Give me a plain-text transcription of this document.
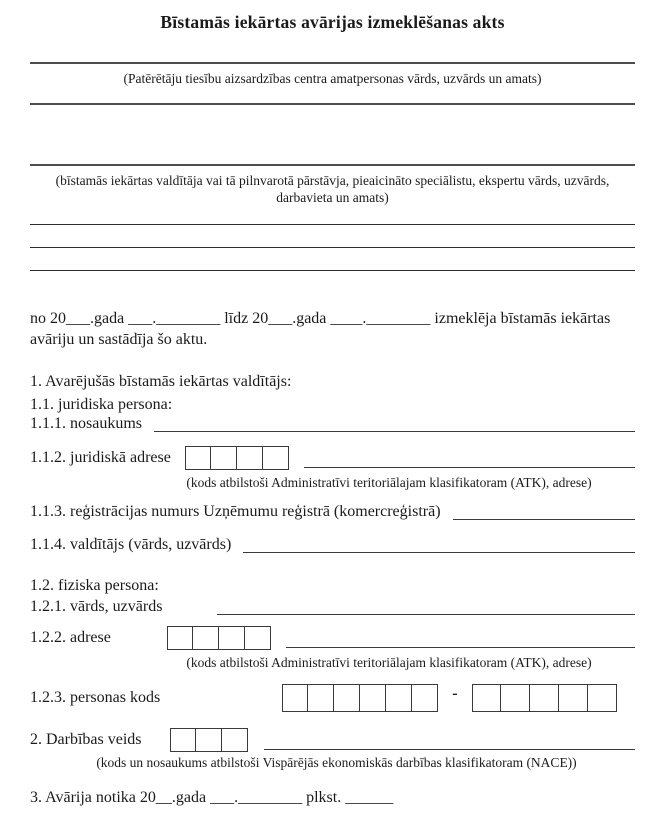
Bīstamās iekārtas avārijas izmeklēšanas akts
(Patērētāju tiesību aizsardzības centra amatpersonas vārds, uzvārds un amats)
(bīstamās iekārtas valdītāja vai tā pilnvarotā pārstāvja, pieaicināto speciālistu, ekspertu vārds, uzvārds, darbavieta un amats)
no 20___.gada ___.________ līdz 20___.gada ____.________ izmeklēja bīstamās iekārtas avāriju un sastādīja šo aktu.
1. Avarējušās bīstamās iekārtas valdītājs:
1.1. juridiska persona:
1.1.1. nosaukums
1.1.2. juridiskā adrese
(kods atbilstoši Administratīvi teritoriālajam klasifikatoram (ATK), adrese)
1.1.3. reģistrācijas numurs Uzņēmumu reģistrā (komercreģistrā)
1.1.4. valdītājs (vārds, uzvārds)
1.2. fiziska persona:
1.2.1. vārds, uzvārds
1.2.2. adrese
(kods atbilstoši Administratīvi teritoriālajam klasifikatoram (ATK), adrese)
1.2.3. personas kods	-
2. Darbības veids
(kods un nosaukums atbilstoši Vispārējās ekonomiskās darbības klasifikatoram (NACE))
3. Avārija notika 20__.gada ___.________ plkst. ______
